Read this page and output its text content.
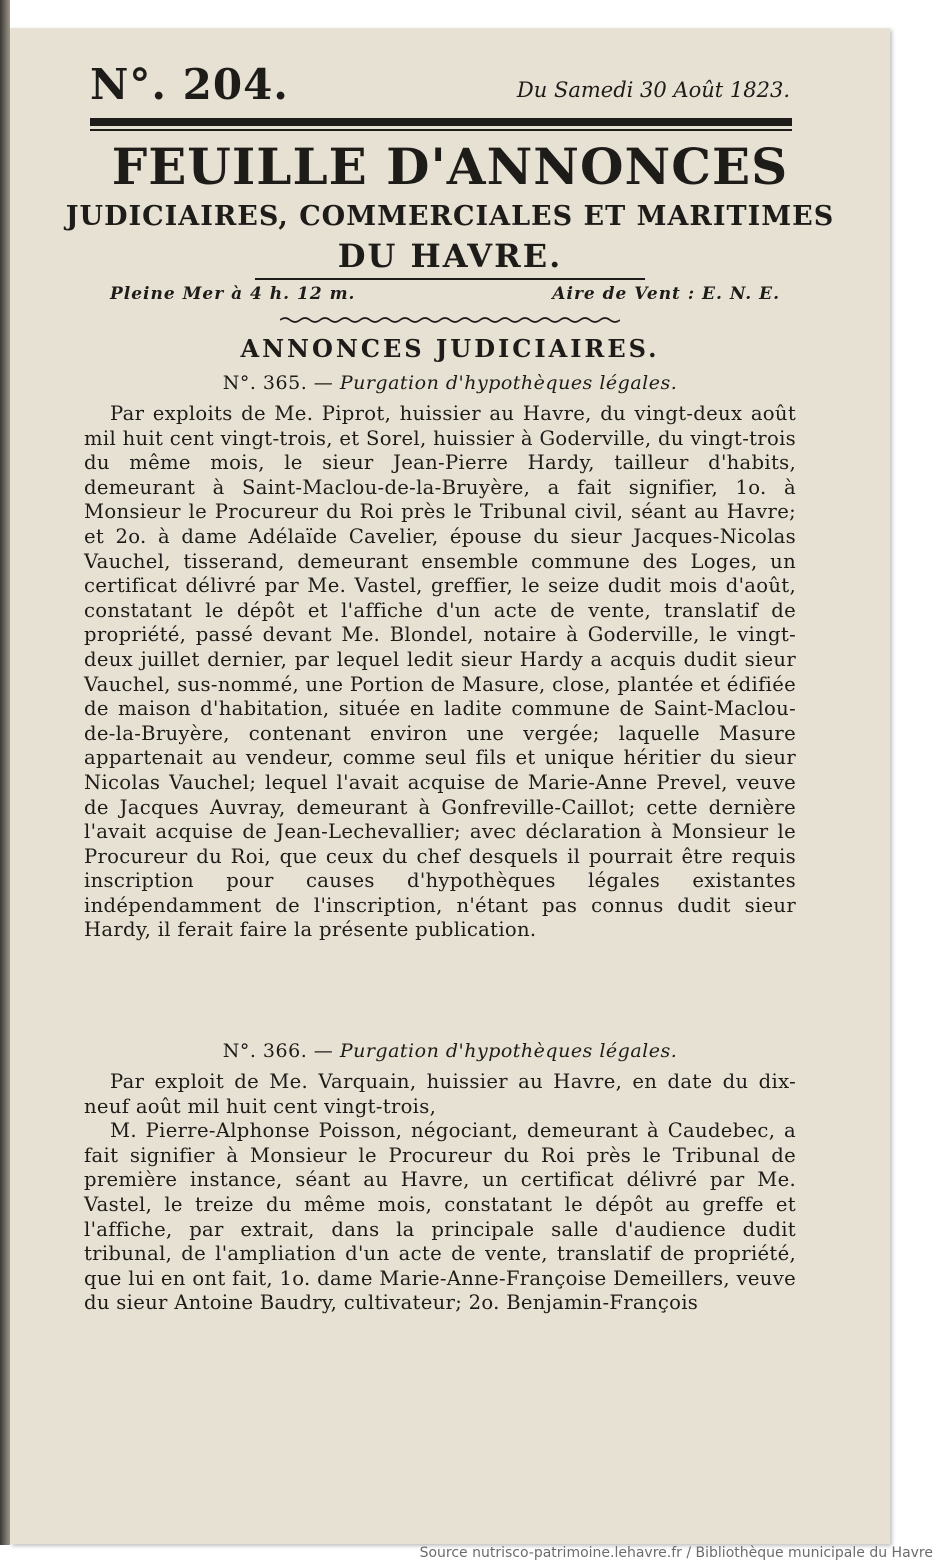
N°. 204.	Du Samedi 30 Août 1823.
FEUILLE D'ANNONCES
JUDICIAIRES, COMMERCIALES ET MARITIMES
DU HAVRE.
Pleine Mer à 4 h. 12 m.	Aire de Vent : E. N. E.
ANNONCES JUDICIAIRES.
N°. 365. — Purgation d'hypothèques légales.

Par exploits de Me. Piprot, huissier au Havre, du vingt-deux août mil huit cent vingt-trois, et Sorel, huissier à Goderville, du vingt-trois du même mois, le sieur Jean-Pierre Hardy, tailleur d'habits, demeurant à Saint-Maclou-de-la-Bruyère, a fait signifier, 1o. à Monsieur le Procureur du Roi près le Tribunal civil, séant au Havre; et 2o. à dame Adélaïde Cavelier, épouse du sieur Jacques-Nicolas Vauchel, tisserand, demeurant ensemble commune des Loges, un certificat délivré par Me. Vastel, greffier, le seize dudit mois d'août, constatant le dépôt et l'affiche d'un acte de vente, translatif de propriété, passé devant Me. Blondel, notaire à Goderville, le vingt-deux juillet dernier, par lequel ledit sieur Hardy a acquis dudit sieur Vauchel, sus-nommé, une Portion de Masure, close, plantée et édifiée de maison d'habitation, située en ladite commune de Saint-Maclou-de-la-Bruyère, contenant environ une vergée; laquelle Masure appartenait au vendeur, comme seul fils et unique héritier du sieur Nicolas Vauchel; lequel l'avait acquise de Marie-Anne Prevel, veuve de Jacques Auvray, demeurant à Gonfreville-Caillot; cette dernière l'avait acquise de Jean-Lechevallier; avec déclaration à Monsieur le Procureur du Roi, que ceux du chef desquels il pourrait être requis inscription pour causes d'hypothèques légales existantes indépendamment de l'inscription, n'étant pas connus dudit sieur Hardy, il ferait faire la présente publication.

N°. 366. — Purgation d'hypothèques légales.

Par exploit de Me. Varquain, huissier au Havre, en date du dix-neuf août mil huit cent vingt-trois,

M. Pierre-Alphonse Poisson, négociant, demeurant à Caudebec, a fait signifier à Monsieur le Procureur du Roi près le Tribunal de première instance, séant au Havre, un certificat délivré par Me. Vastel, le treize du même mois, constatant le dépôt au greffe et l'affiche, par extrait, dans la principale salle d'audience dudit tribunal, de l'ampliation d'un acte de vente, translatif de propriété, que lui en ont fait, 1o. dame Marie-Anne-Françoise Demeillers, veuve du sieur Antoine Baudry, cultivateur; 2o. Benjamin-François

Source nutrisco-patrimoine.lehavre.fr / Bibliothèque municipale du Havre
